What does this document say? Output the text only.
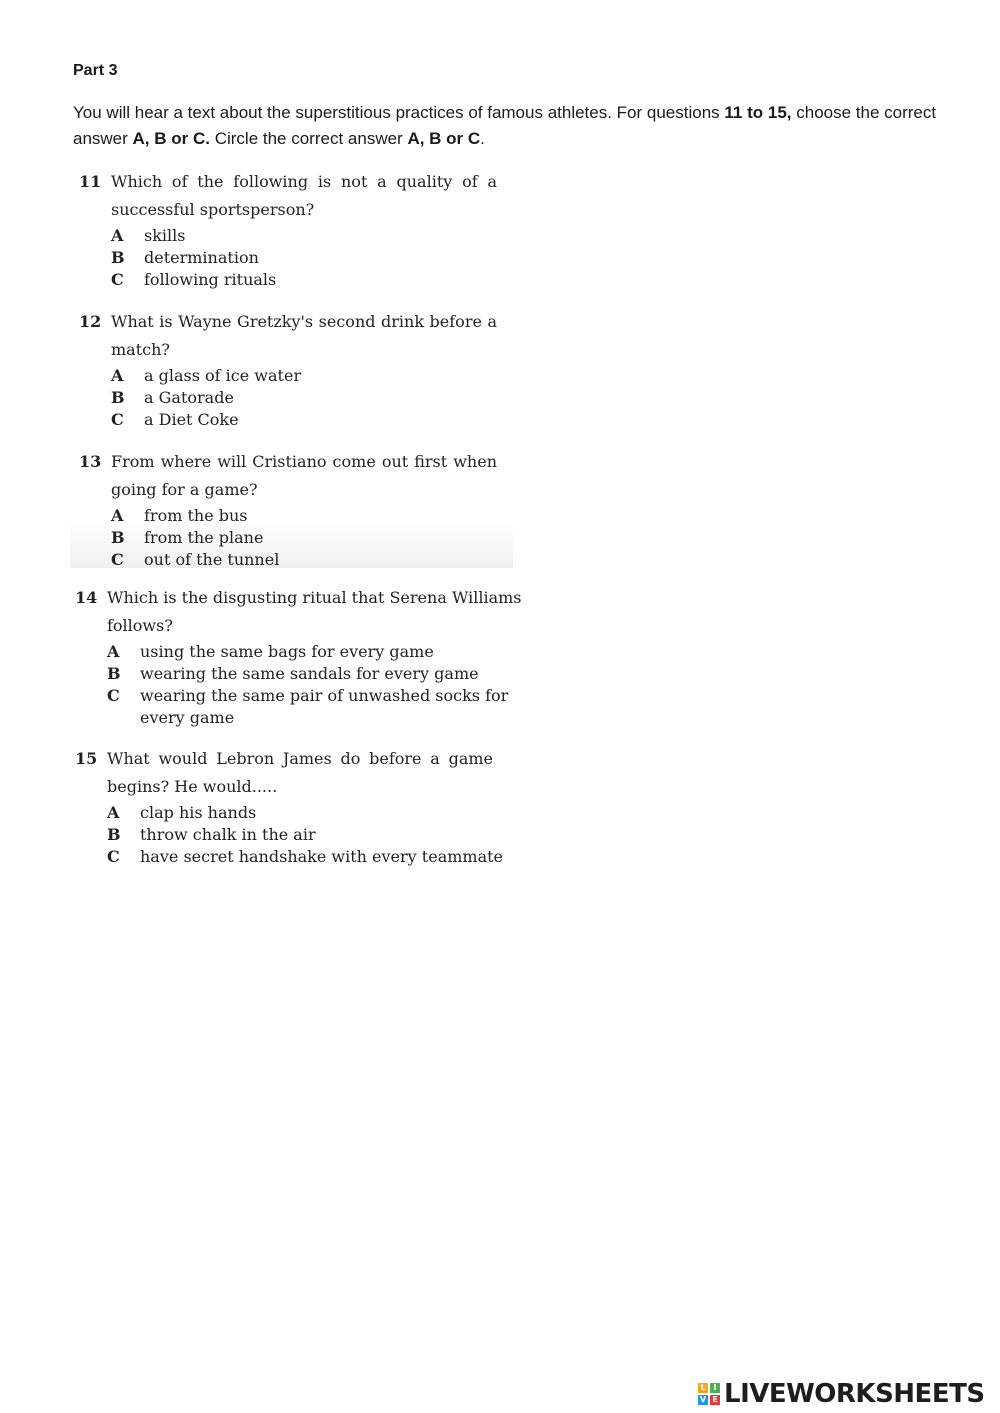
Part 3
You will hear a text about the superstitious practices of famous athletes. For questions 11 to 15, choose the correct answer A, B or C. Circle the correct answer A, B or C.
11 Which of the following is not a quality of a
successful sportsperson?
A skills
B determination
C following rituals
12 What is Wayne Gretzky's second drink before a
match?
A a glass of ice water
B a Gatorade
C a Diet Coke
13 From where will Cristiano come out first when
going for a game?
A from the bus
B from the plane
C out of the tunnel
14 Which is the disgusting ritual that Serena Williams
follows?
A using the same bags for every game
B wearing the same sandals for every game
C wearing the same pair of unwashed socks for
every game
15 What would Lebron James do before a game
begins? He would.....
A clap his hands
B throw chalk in the air
C have secret handshake with every teammate
L I
V E LIVEWORKSHEETS
